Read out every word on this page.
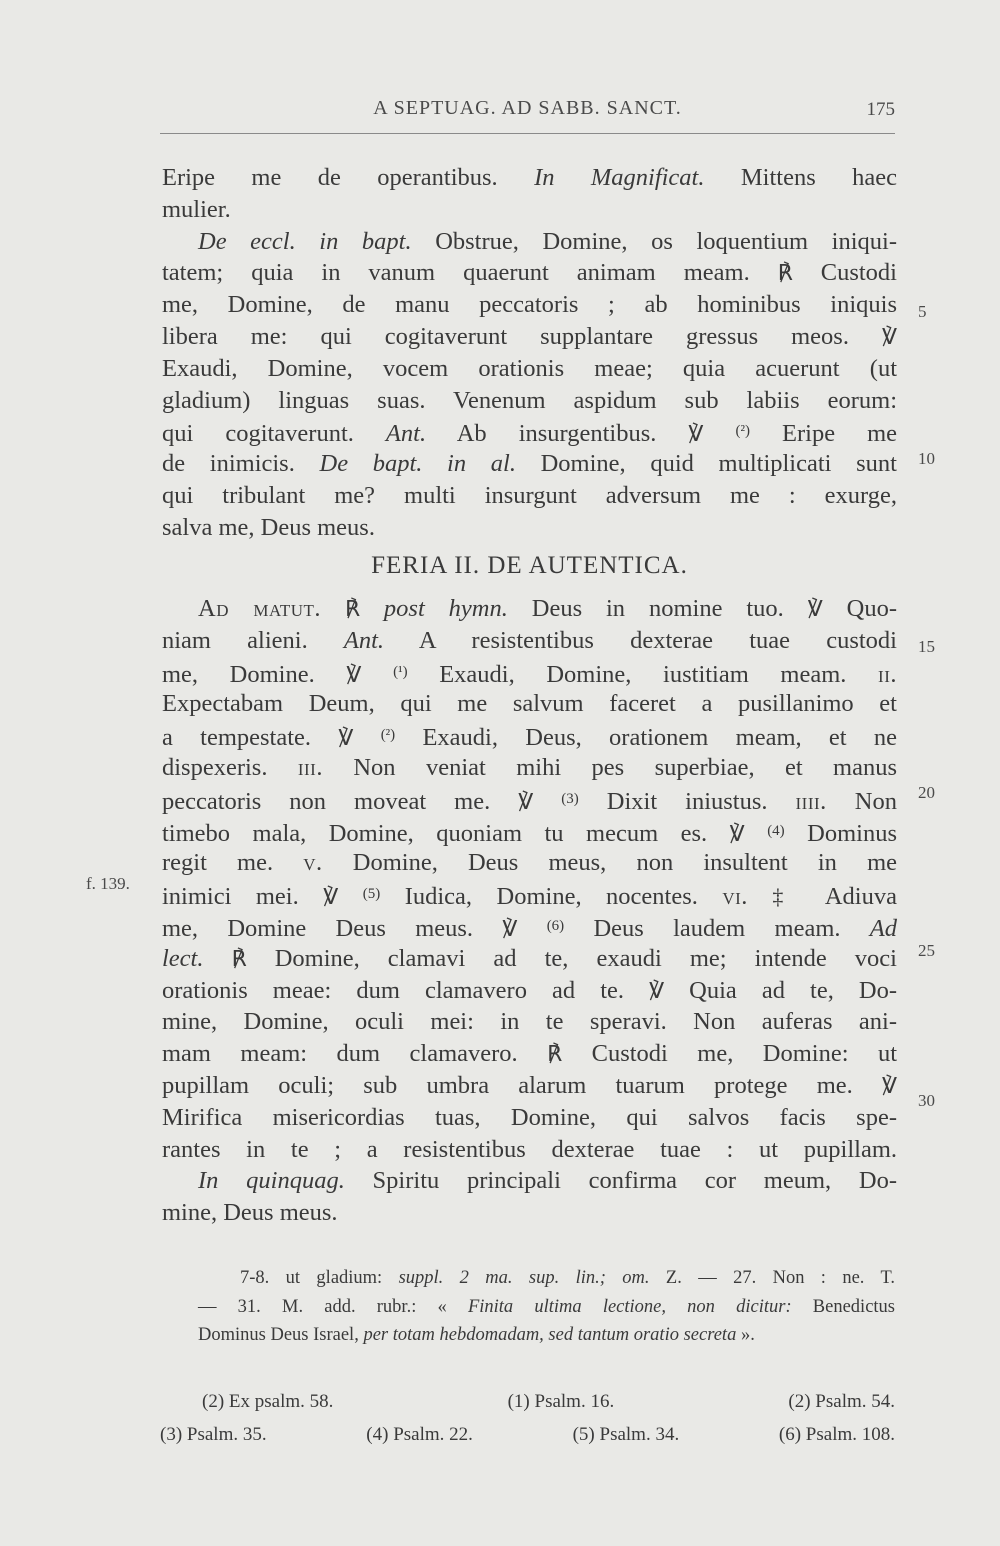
A SEPTUAG. AD SABB. SANCT.	175
Eripe me de operantibus. In Magnificat. Mittens haec
mulier.
De eccl. in bapt. Obstrue, Domine, os loquentium iniqui-
tatem; quia in vanum quaerunt animam meam. ℟ Custodi
me, Domine, de manu peccatoris ; ab hominibus iniquis
libera me: qui cogitaverunt supplantare gressus meos. ℣
Exaudi, Domine, vocem orationis meae; quia acuerunt (ut
gladium) linguas suas. Venenum aspidum sub labiis eorum:
qui cogitaverunt. Ant. Ab insurgentibus. ℣ $^{(^2)}$ Eripe me
de inimicis. De bapt. in al. Domine, quid multiplicati sunt
qui tribulant me? multi insurgunt adversum me : exurge,
salva me, Deus meus.
FERIA II. DE AUTENTICA.
Ad matut. ℟ post hymn. Deus in nomine tuo. ℣ Quo-
niam alieni. Ant. A resistentibus dexterae tuae custodi
me, Domine. ℣ $^{(^1)}$ Exaudi, Domine, iustitiam meam. ii.
Expectabam Deum, qui me salvum faceret a pusillanimo et
a tempestate. ℣ $^{(^2)}$ Exaudi, Deus, orationem meam, et ne
dispexeris. iii. Non veniat mihi pes superbiae, et manus
peccatoris non moveat me. ℣ $^{(3)}$ Dixit iniustus. iiii. Non
timebo mala, Domine, quoniam tu mecum es. ℣ $^{(4)}$ Dominus
regit me. v. Domine, Deus meus, non insultent in me
inimici mei. ℣ $^{(5)}$ Iudica, Domine, nocentes. vi. ‡ Adiuva
me, Domine Deus meus. ℣ $^{(6)}$ Deus laudem meam. Ad
lect. ℟ Domine, clamavi ad te, exaudi me; intende voci
orationis meae: dum clamavero ad te. ℣ Quia ad te, Do-
mine, Domine, oculi mei: in te speravi. Non auferas ani-
mam meam: dum clamavero. ℟ Custodi me, Domine: ut
pupillam oculi; sub umbra alarum tuarum protege me. ℣
Mirifica misericordias tuas, Domine, qui salvos facis spe-
rantes in te ; a resistentibus dexterae tuae : ut pupillam.
In quinquag. Spiritu principali confirma cor meum, Do-
mine, Deus meus.
5
10
15
20
25
30
f. 139.
7-8. ut gladium: suppl. 2 ma. sup. lin.; om. Z. — 27. Non : ne. T.
— 31. M. add. rubr.: « Finita ultima lectione, non dicitur: Benedictus
Dominus Deus Israel, per totam hebdomadam, sed tantum oratio secreta ».
(2) Ex psalm. 58.	(1) Psalm. 16.	(2) Psalm. 54.
(3) Psalm. 35.	(4) Psalm. 22.	(5) Psalm. 34.	(6) Psalm. 108.
